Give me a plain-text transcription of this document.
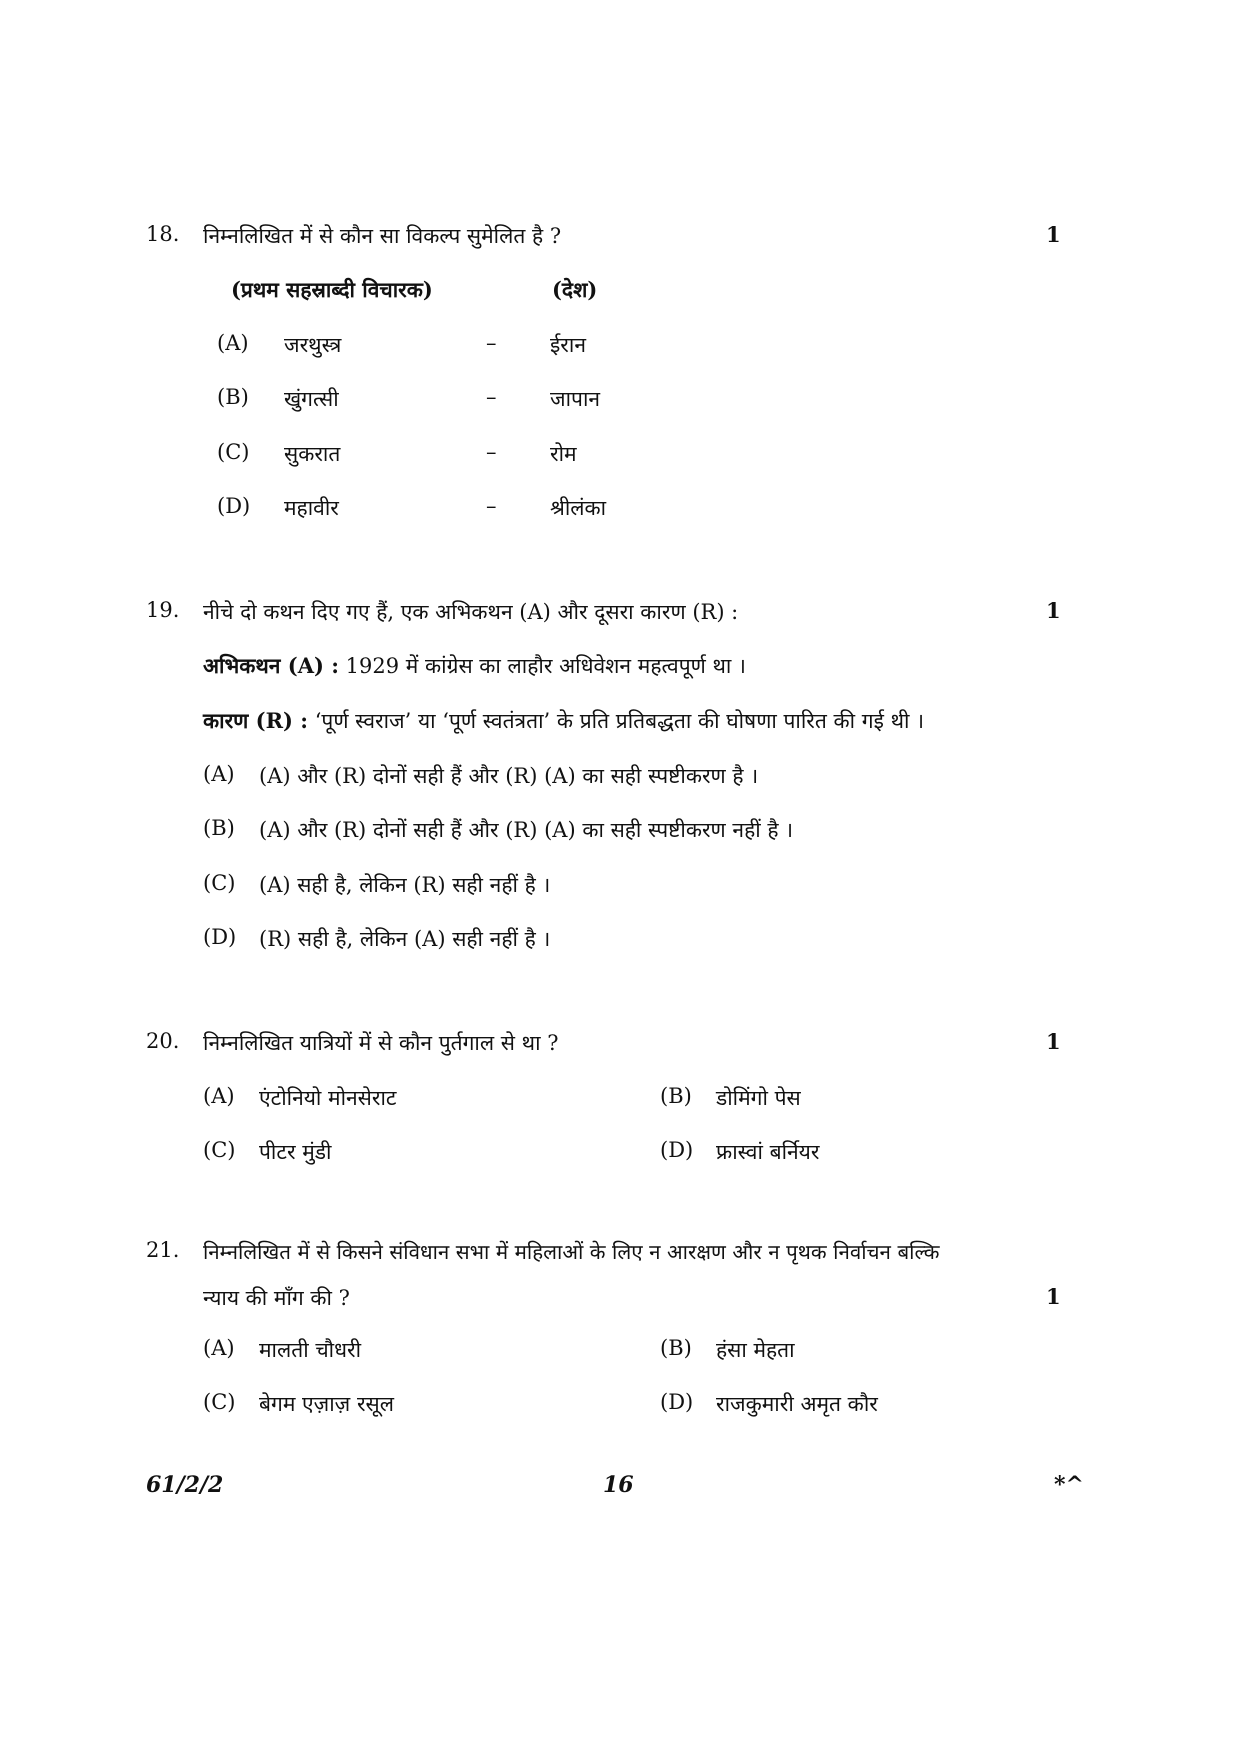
18. निम्नलिखित में से कौन सा विकल्प सुमेलित है ?	1
(प्रथम सहस्राब्दी विचारक)	(देश)
(A) जरथुस्त्र	–	ईरान
(B) खुंगत्सी	–	जापान
(C) सुकरात	–	रोम
(D) महावीर	–	श्रीलंका
19. नीचे दो कथन दिए गए हैं, एक अभिकथन (A) और दूसरा कारण (R) :	1
अभिकथन (A) : 1929 में कांग्रेस का लाहौर अधिवेशन महत्वपूर्ण था ।
कारण (R) : ‘पूर्ण स्वराज’ या ‘पूर्ण स्वतंत्रता’ के प्रति प्रतिबद्धता की घोषणा पारित की गई थी ।
(A) (A) और (R) दोनों सही हैं और (R) (A) का सही स्पष्टीकरण है ।
(B) (A) और (R) दोनों सही हैं और (R) (A) का सही स्पष्टीकरण नहीं है ।
(C) (A) सही है, लेकिन (R) सही नहीं है ।
(D) (R) सही है, लेकिन (A) सही नहीं है ।
20. निम्नलिखित यात्रियों में से कौन पुर्तगाल से था ?	1
(A) एंटोनियो मोनसेराट	(B) डोमिंगो पेस
(C) पीटर मुंडी	(D) फ्रास्वां बर्नियर
21. निम्नलिखित में से किसने संविधान सभा में महिलाओं के लिए न आरक्षण और न पृथक निर्वाचन बल्कि
न्याय की माँग की ?	1
(A) मालती चौधरी	(B) हंसा मेहता
(C) बेगम एज़ाज़ रसूल	(D) राजकुमारी अमृत कौर
61/2/2	16	*^
